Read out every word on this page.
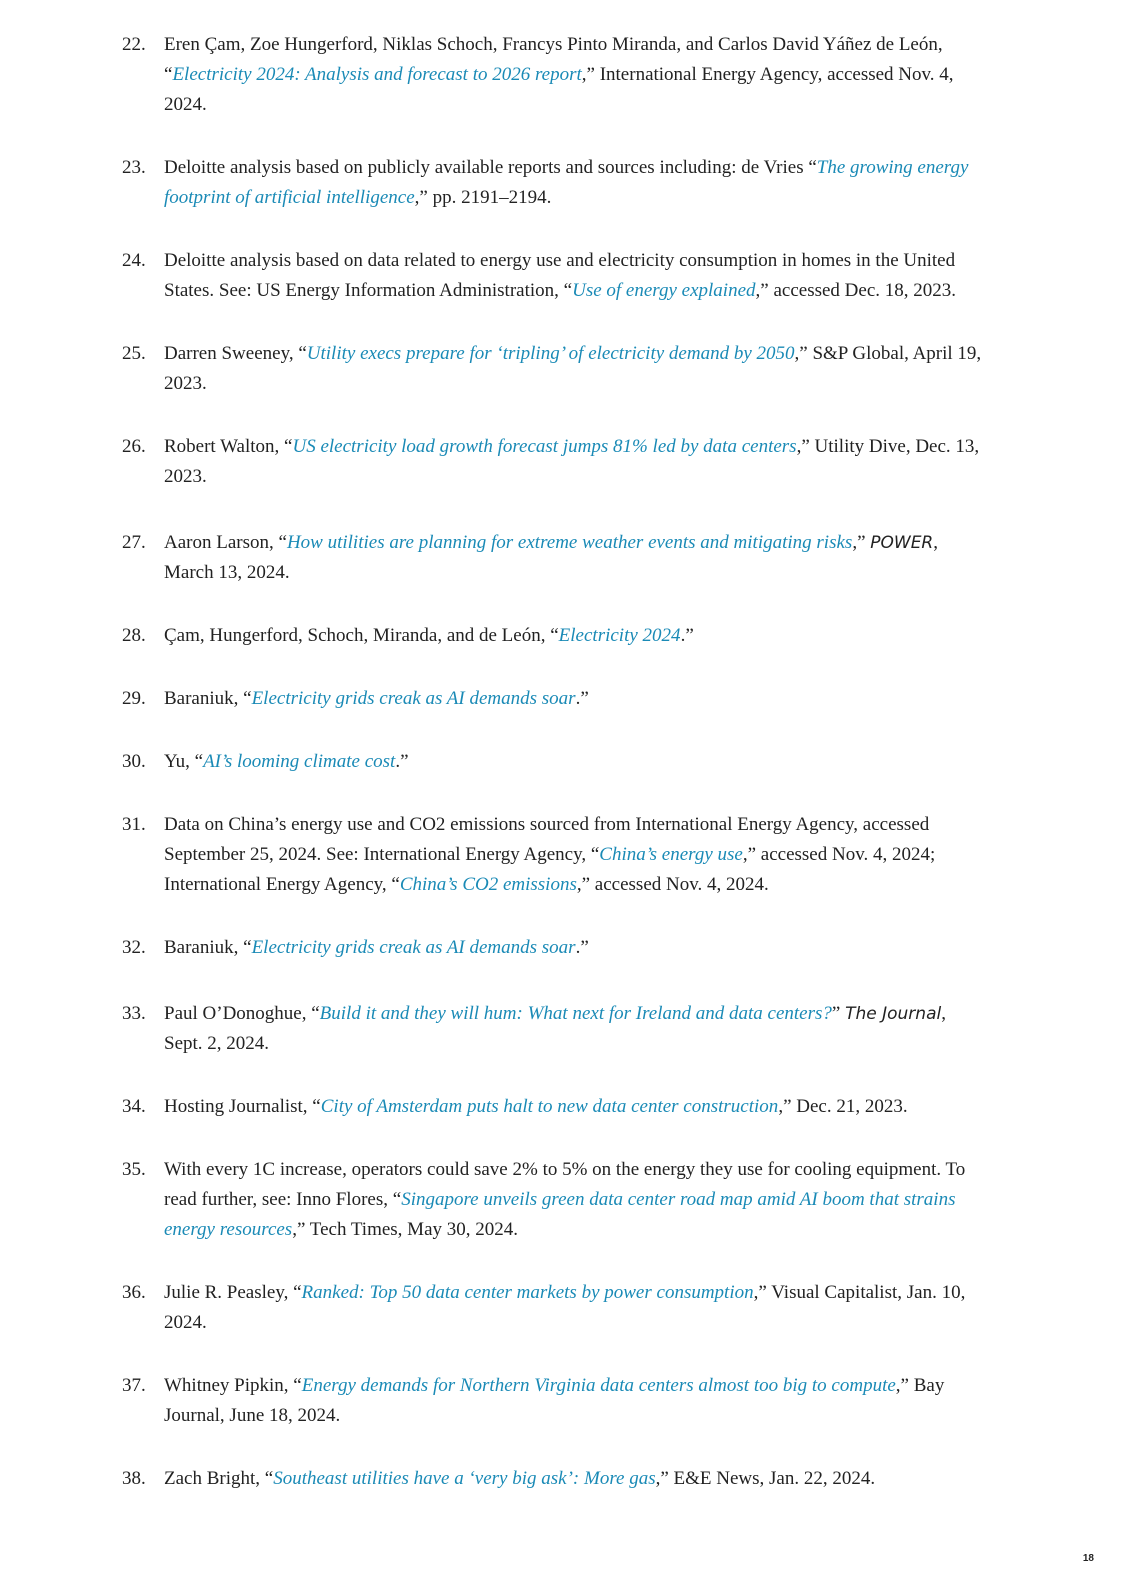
22. Eren Çam, Zoe Hungerford, Niklas Schoch, Francys Pinto Miranda, and Carlos David Yáñez de León, “Electricity 2024: Analysis and forecast to 2026 report,” International Energy Agency, accessed Nov. 4, 2024.
23. Deloitte analysis based on publicly available reports and sources including: de Vries “The growing energy footprint of artificial intelligence,” pp. 2191–2194.
24. Deloitte analysis based on data related to energy use and electricity consumption in homes in the United States. See: US Energy Information Administration, “Use of energy explained,” accessed Dec. 18, 2023.
25. Darren Sweeney, “Utility execs prepare for ‘tripling’ of electricity demand by 2050,” S&P Global, April 19, 2023.
26. Robert Walton, “US electricity load growth forecast jumps 81% led by data centers,” Utility Dive, Dec. 13, 2023.
27. Aaron Larson, “How utilities are planning for extreme weather events and mitigating risks,” POWER, March 13, 2024.
28. Çam, Hungerford, Schoch, Miranda, and de León, “Electricity 2024.”
29. Baraniuk, “Electricity grids creak as AI demands soar.”
30. Yu, “AI’s looming climate cost.”
31. Data on China’s energy use and CO2 emissions sourced from International Energy Agency, accessed September 25, 2024. See: International Energy Agency, “China’s energy use,” accessed Nov. 4, 2024; International Energy Agency, “China’s CO2 emissions,” accessed Nov. 4, 2024.
32. Baraniuk, “Electricity grids creak as AI demands soar.”
33. Paul O’Donoghue, “Build it and they will hum: What next for Ireland and data centers?” The Journal, Sept. 2, 2024.
34. Hosting Journalist, “City of Amsterdam puts halt to new data center construction,” Dec. 21, 2023.
35. With every 1C increase, operators could save 2% to 5% on the energy they use for cooling equipment. To read further, see: Inno Flores, “Singapore unveils green data center road map amid AI boom that strains energy resources,” Tech Times, May 30, 2024.
36. Julie R. Peasley, “Ranked: Top 50 data center markets by power consumption,” Visual Capitalist, Jan. 10, 2024.
37. Whitney Pipkin, “Energy demands for Northern Virginia data centers almost too big to compute,” Bay Journal, June 18, 2024.
38. Zach Bright, “Southeast utilities have a ‘very big ask’: More gas,” E&E News, Jan. 22, 2024.
18
